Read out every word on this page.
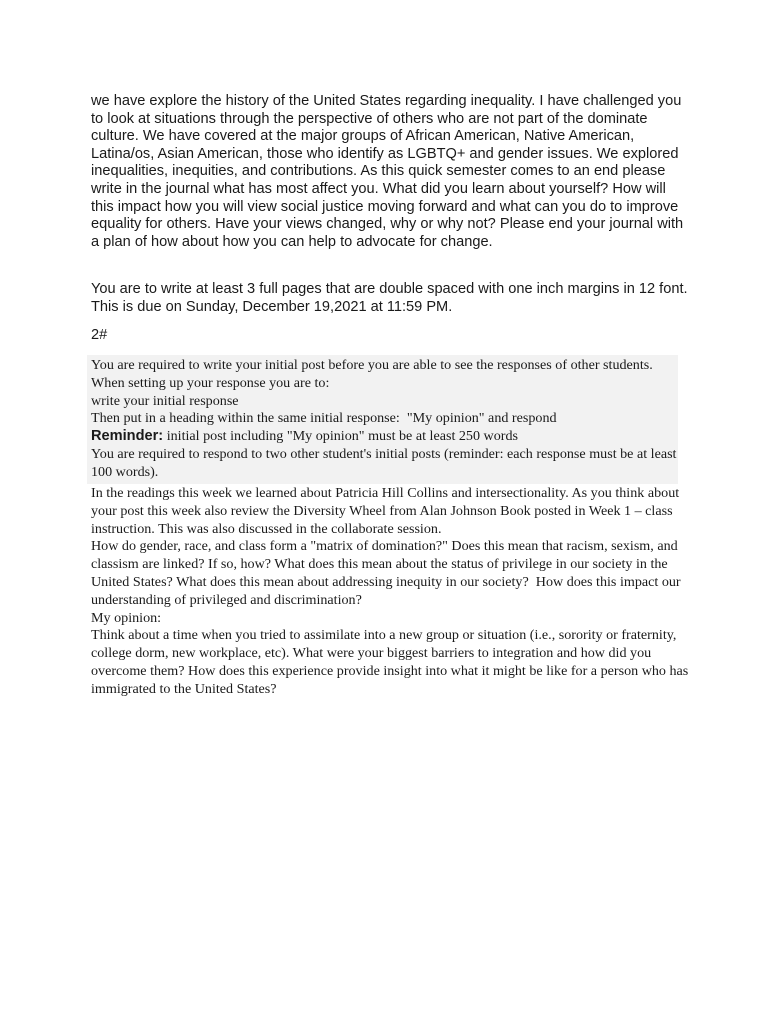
we have explore the history of the United States regarding inequality. I have challenged you to look at situations through the perspective of others who are not part of the dominate culture. We have covered at the major groups of African American, Native American, Latina/os, Asian American, those who identify as LGBTQ+ and gender issues. We explored inequalities, inequities, and contributions. As this quick semester comes to an end please write in the journal what has most affect you. What did you learn about yourself? How will this impact how you will view social justice moving forward and what can you do to improve equality for others. Have your views changed, why or why not? Please end your journal with a plan of how about how you can help to advocate for change.

You are to write at least 3 full pages that are double spaced with one inch margins in 12 font. This is due on Sunday, December 19,2021 at 11:59 PM.

2#

You are required to write your initial post before you are able to see the responses of other students.  When setting up your response you are to:
write your initial response
Then put in a heading within the same initial response:  "My opinion" and respond
Reminder: initial post including "My opinion" must be at least 250 words
You are required to respond to two other student's initial posts (reminder: each response must be at least 100 words).
In the readings this week we learned about Patricia Hill Collins and intersectionality. As you think about your post this week also review the Diversity Wheel from Alan Johnson Book posted in Week 1 – class instruction. This was also discussed in the collaborate session.
How do gender, race, and class form a "matrix of domination?" Does this mean that racism, sexism, and classism are linked? If so, how? What does this mean about the status of privilege in our society in the United States? What does this mean about addressing inequity in our society?  How does this impact our understanding of privileged and discrimination?
My opinion:
Think about a time when you tried to assimilate into a new group or situation (i.e., sorority or fraternity, college dorm, new workplace, etc). What were your biggest barriers to integration and how did you overcome them? How does this experience provide insight into what it might be like for a person who has immigrated to the United States?
